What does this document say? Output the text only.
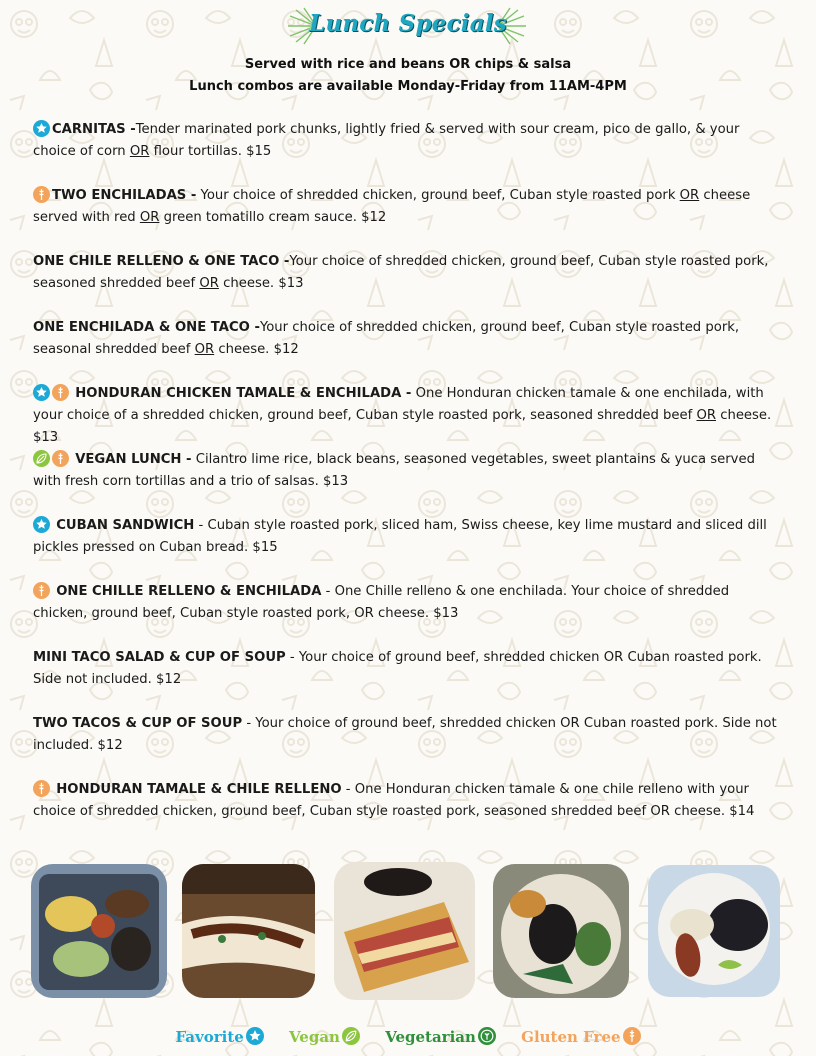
Lunch Specials
Served with rice and beans OR chips & salsa
Lunch combos are available Monday-Friday from 11AM-4PM
CARNITAS -Tender marinated pork chunks, lightly fried & served with sour cream, pico de gallo, & your choice of corn OR flour tortillas. $15
TWO ENCHILADAS - Your choice of shredded chicken, ground beef, Cuban style roasted pork OR cheese served with red OR green tomatillo cream sauce. $12
ONE CHILE RELLENO & ONE TACO -Your choice of shredded chicken, ground beef, Cuban style roasted pork, seasoned shredded beef OR cheese. $13
ONE ENCHILADA & ONE TACO -Your choice of shredded chicken, ground beef, Cuban style roasted pork, seasonal shredded beef OR cheese. $12
HONDURAN CHICKEN TAMALE & ENCHILADA - One Honduran chicken tamale & one enchilada, with your choice of a shredded chicken, ground beef, Cuban style roasted pork, seasoned shredded beef OR cheese. $13
VEGAN LUNCH - Cilantro lime rice, black beans, seasoned vegetables, sweet plantains & yuca served with fresh corn tortillas and a trio of salsas. $13
CUBAN SANDWICH - Cuban style roasted pork, sliced ham, Swiss cheese, key lime mustard and sliced dill pickles pressed on Cuban bread. $15
ONE CHILLE RELLENO & ENCHILADA - One Chille relleno & one enchilada. Your choice of shredded chicken, ground beef, Cuban style roasted pork, OR cheese. $13
MINI TACO SALAD & CUP OF SOUP - Your choice of ground beef, shredded chicken OR Cuban roasted pork. Side not included. $12
TWO TACOS & CUP OF SOUP - Your choice of ground beef, shredded chicken OR Cuban roasted pork. Side not included. $12
HONDURAN TAMALE & CHILE RELLENO - One Honduran chicken tamale & one chile relleno with your choice of shredded chicken, ground beef, Cuban style roasted pork, seasoned shredded beef OR cheese. $14
Favorite	Vegan	Vegetarian	Gluten Free
